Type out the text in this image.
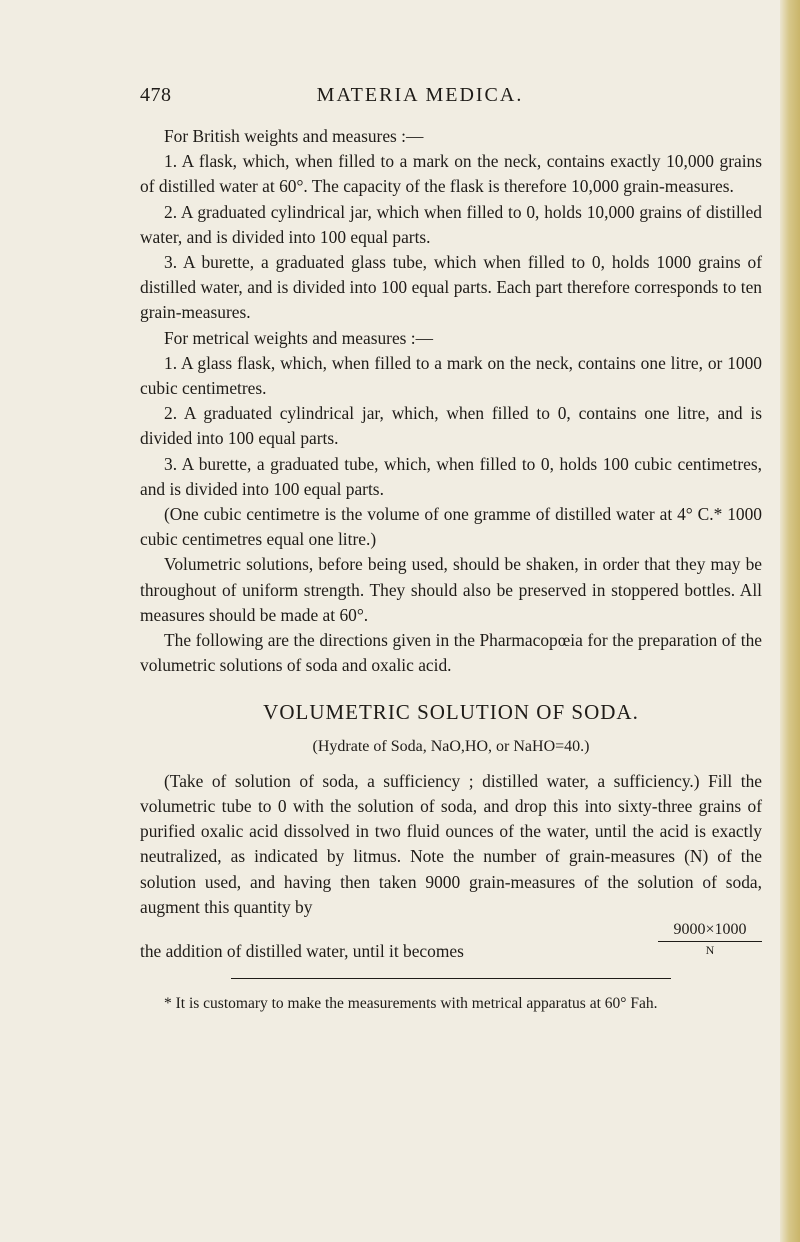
478	MATERIA MEDICA.

For British weights and measures :—

1. A flask, which, when filled to a mark on the neck, contains exactly 10,000 grains of distilled water at 60°. The capacity of the flask is therefore 10,000 grain-measures.

2. A graduated cylindrical jar, which when filled to 0, holds 10,000 grains of distilled water, and is divided into 100 equal parts.

3. A burette, a graduated glass tube, which when filled to 0, holds 1000 grains of distilled water, and is divided into 100 equal parts. Each part therefore corresponds to ten grain-measures.

For metrical weights and measures :—

1. A glass flask, which, when filled to a mark on the neck, contains one litre, or 1000 cubic centimetres.

2. A graduated cylindrical jar, which, when filled to 0, contains one litre, and is divided into 100 equal parts.

3. A burette, a graduated tube, which, when filled to 0, holds 100 cubic centimetres, and is divided into 100 equal parts.

(One cubic centimetre is the volume of one gramme of distilled water at 4° C.* 1000 cubic centimetres equal one litre.)

Volumetric solutions, before being used, should be shaken, in order that they may be throughout of uniform strength. They should also be preserved in stoppered bottles. All measures should be made at 60°.

The following are the directions given in the Pharmacopœia for the preparation of the volumetric solutions of soda and oxalic acid.

VOLUMETRIC SOLUTION OF SODA.
(Hydrate of Soda, NaO,HO, or NaHO=40.)

(Take of solution of soda, a sufficiency ; distilled water, a sufficiency.) Fill the volumetric tube to 0 with the solution of soda, and drop this into sixty-three grains of purified oxalic acid dissolved in two fluid ounces of the water, until the acid is exactly neutralized, as indicated by litmus. Note the number of grain-measures (N) of the solution used, and having then taken 9000 grain-measures of the solution of soda, augment this quantity by

the addition of distilled water, until it becomes
9000×1000
N

* It is customary to make the measurements with metrical apparatus at 60° Fah.
